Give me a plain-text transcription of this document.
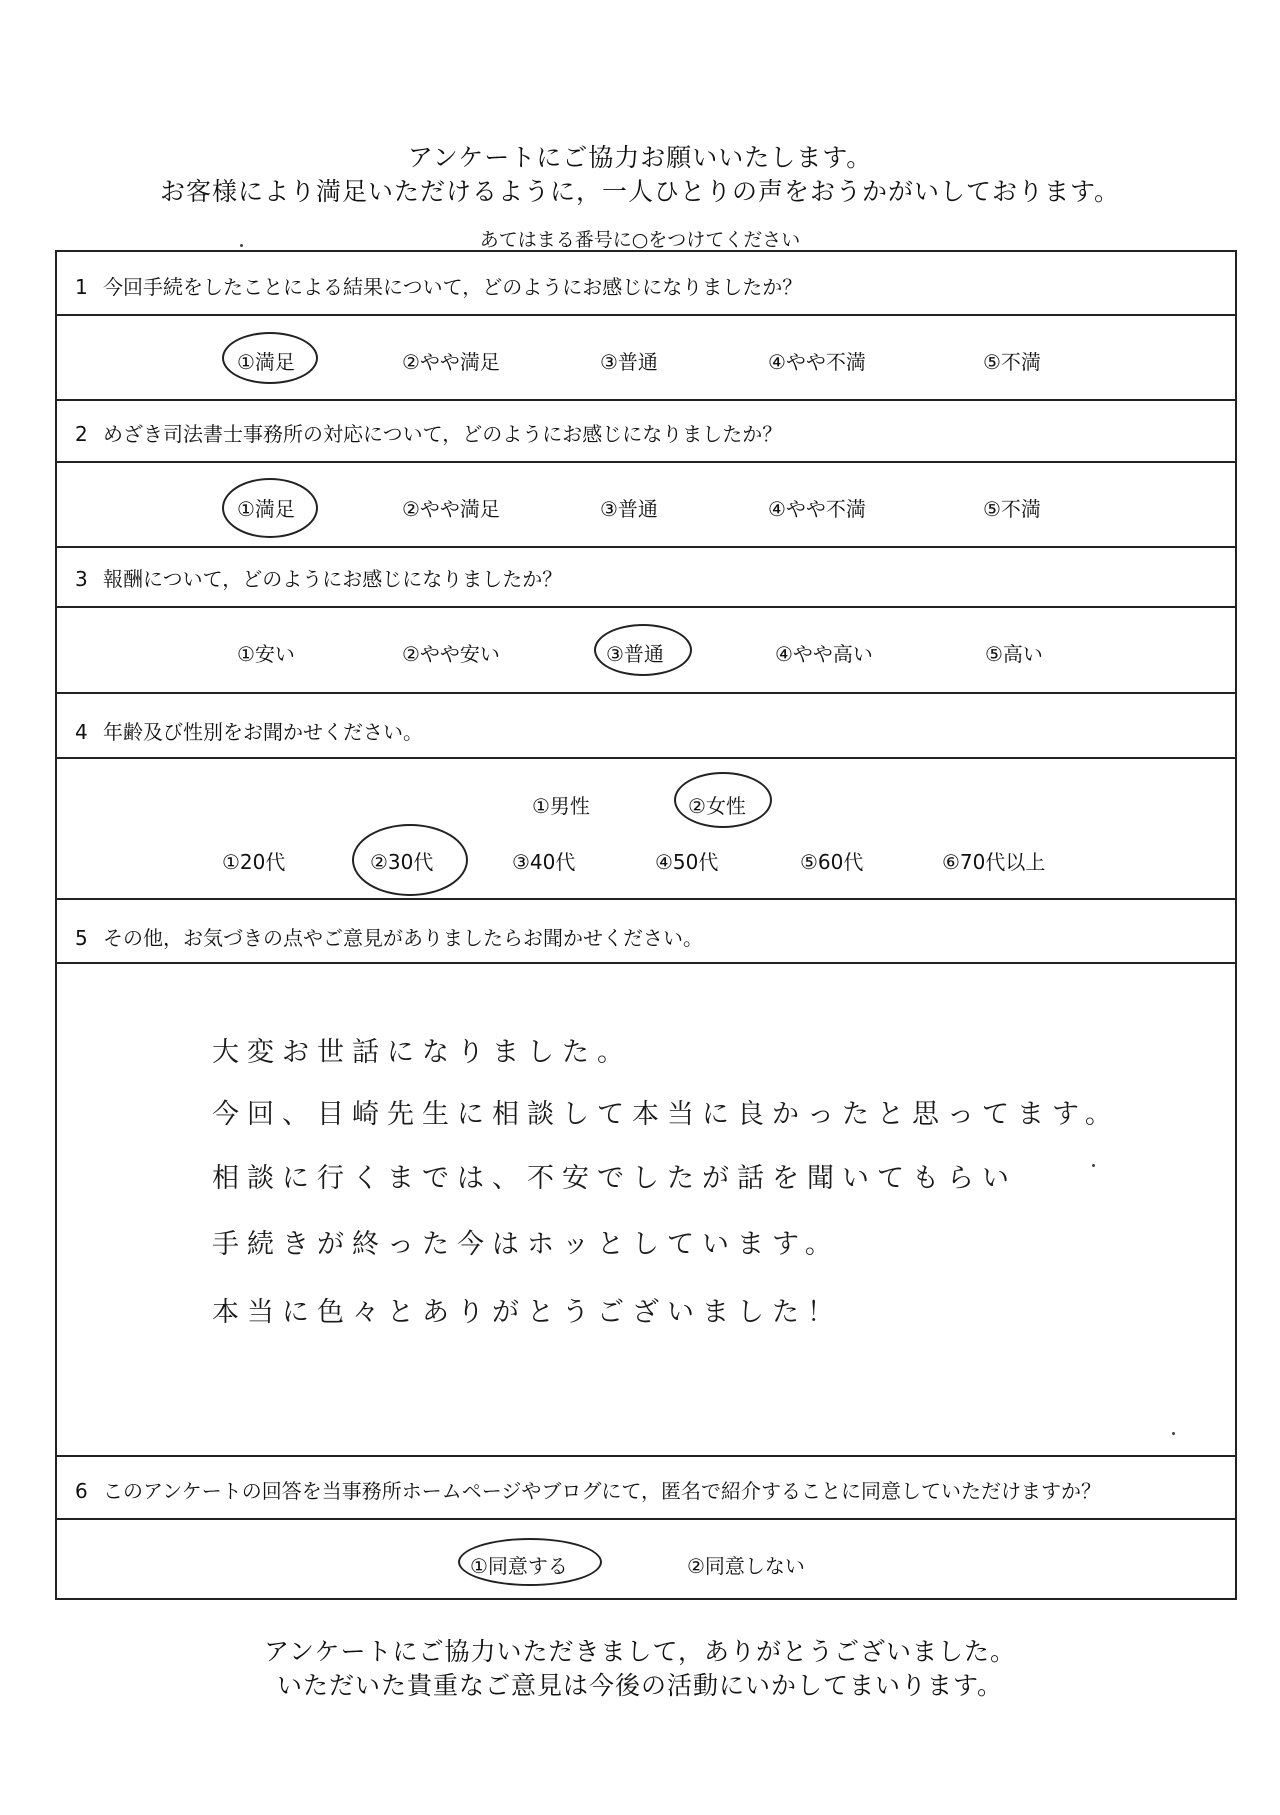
アンケートにご協力お願いいたします。
お客様により満足いただけるように，一人ひとりの声をおうかがいしております。
あてはまる番号に○をつけてください
1 今回手続をしたことによる結果について，どのようにお感じになりましたか？
①満足	②やや満足	③普通	④やや不満	⑤不満
2 めざき司法書士事務所の対応について，どのようにお感じになりましたか？
①満足	②やや満足	③普通	④やや不満	⑤不満
3 報酬について，どのようにお感じになりましたか？
①安い	②やや安い	③普通	④やや高い	⑤高い
4 年齢及び性別をお聞かせください。
①男性	②女性
①20代	②30代	③40代	④50代	⑤60代	⑥70代以上
5 その他，お気づきの点やご意見がありましたらお聞かせください。
大変お世話になりました。
今回、目崎先生に相談して本当に良かったと思ってます。
相談に行くまでは、不安でしたが話を聞いてもらい
手続きが終った今はホッとしています。
本当に色々とありがとうございました！
6 このアンケートの回答を当事務所ホームページやブログにて，匿名で紹介することに同意していただけますか？
①同意する	②同意しない
アンケートにご協力いただきまして，ありがとうございました。
いただいた貴重なご意見は今後の活動にいかしてまいります。
